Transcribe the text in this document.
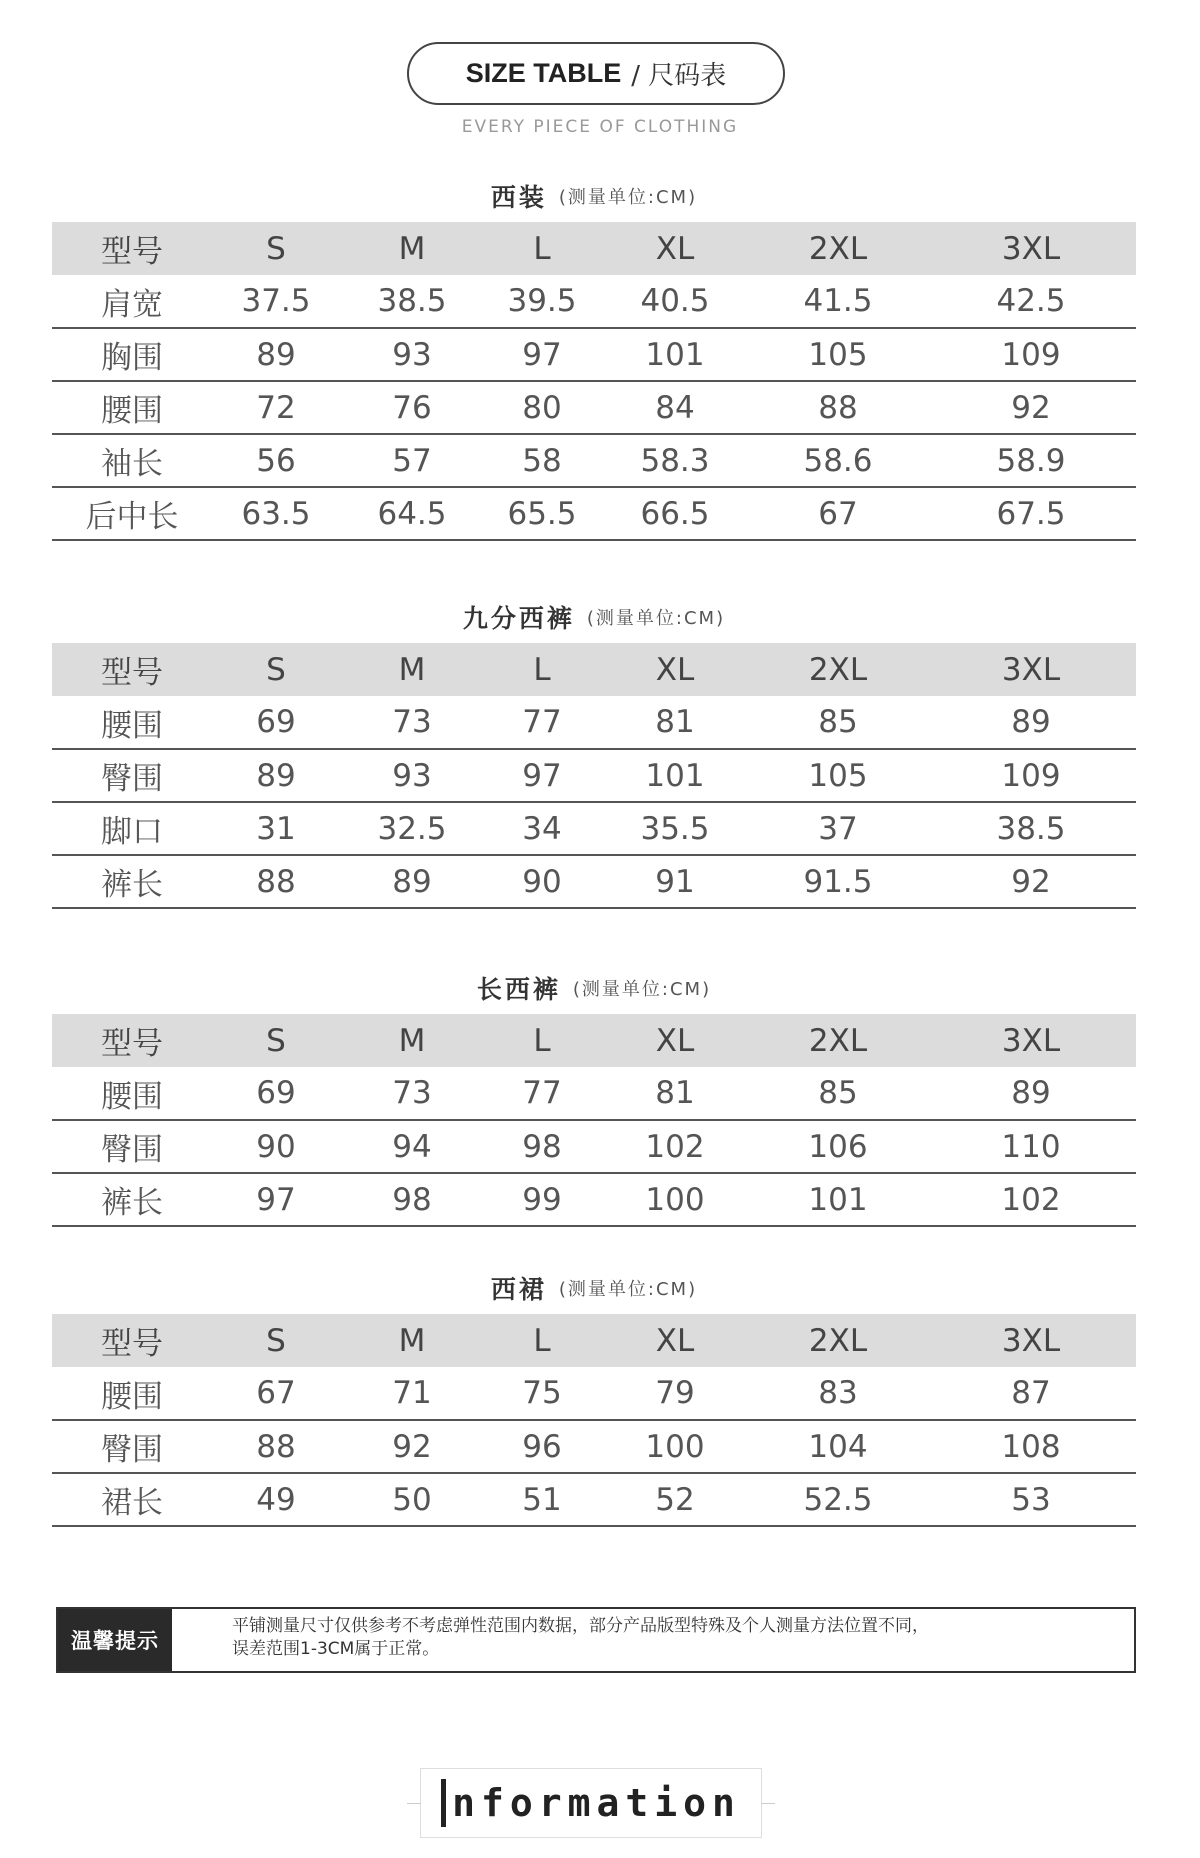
SIZE TABLE / 尺码表
EVERY PIECE OF CLOTHING
西装 (测量单位:CM)
型号	S	M	L	XL	2XL	3XL
肩宽	37.5	38.5	39.5	40.5	41.5	42.5
胸围	89	93	97	101	105	109
腰围	72	76	80	84	88	92
袖长	56	57	58	58.3	58.6	58.9
后中长	63.5	64.5	65.5	66.5	67	67.5
九分西裤 (测量单位:CM)
型号	S	M	L	XL	2XL	3XL
腰围	69	73	77	81	85	89
臀围	89	93	97	101	105	109
脚口	31	32.5	34	35.5	37	38.5
裤长	88	89	90	91	91.5	92
长西裤 (测量单位:CM)
型号	S	M	L	XL	2XL	3XL
腰围	69	73	77	81	85	89
臀围	90	94	98	102	106	110
裤长	97	98	99	100	101	102
西裙 (测量单位:CM)
型号	S	M	L	XL	2XL	3XL
腰围	67	71	75	79	83	87
臀围	88	92	96	100	104	108
裙长	49	50	51	52	52.5	53
温馨提示
平铺测量尺寸仅供参考不考虑弹性范围内数据，部分产品版型特殊及个人测量方法位置不同，
误差范围1-3CM属于正常。
nformation
